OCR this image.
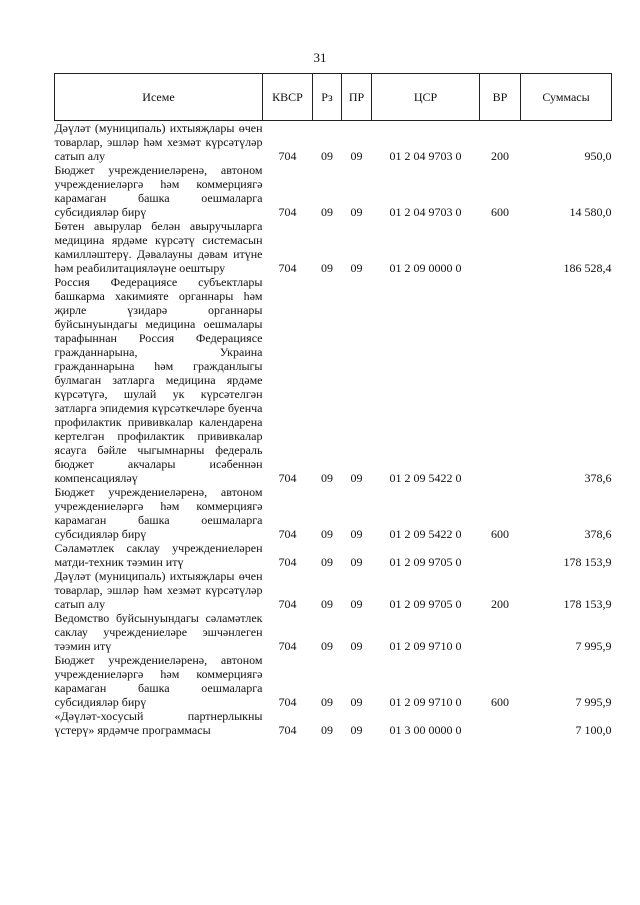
31
Исеме	КВСР	Рз	ПР	ЦСР	ВР	Суммасы
Дәүләт (муниципаль) ихтыяҗлары өчен товарлар, эшләр һәм хезмәт күрсәтүләр сатып алу	704	09	09	01 2 04 9703 0	200	950,0
Бюджет учреждениеләренә, автоном учреждениеләргә һәм коммерциягә карамаган башка оешмаларга субсидияләр бирү	704	09	09	01 2 04 9703 0	600	14 580,0
Бөтен авырулар белән авыручыларга медицина ярдәме күрсәтү системасын камилләштерү. Дәвалауны дәвам итүне һәм реабилитацияләүне оештыру	704	09	09	01 2 09 0000 0		186 528,4
Россия Федерациясе субъектлары башкарма хакимияте органнары һәм җирле үзидарә органнары буйсынуындагы медицина оешмалары тарафыннан Россия Федерациясе гражданнарына, Украина гражданнарына һәм гражданлыгы булмаган затларга медицина ярдәме күрсәтүгә, шулай ук күрсәтелгән затларга эпидемия күрсәткечләре буенча профилактик прививкалар календарена кертелгән профилактик прививкалар ясауга бәйле чыгымнарны федераль бюджет акчалары исәбеннән компенсацияләү	704	09	09	01 2 09 5422 0		378,6
Бюджет учреждениеләренә, автоном учреждениеләргә һәм коммерциягә карамаган башка оешмаларга субсидияләр бирү	704	09	09	01 2 09 5422 0	600	378,6
Сәламәтлек саклау учреждениеләрен матди-техник тәэмин итү	704	09	09	01 2 09 9705 0		178 153,9
Дәүләт (муниципаль) ихтыяҗлары өчен товарлар, эшләр һәм хезмәт күрсәтүләр сатып алу	704	09	09	01 2 09 9705 0	200	178 153,9
Ведомство буйсынуындагы сәламәтлек саклау учреждениеләре эшчәнлеген тәэмин итү	704	09	09	01 2 09 9710 0		7 995,9
Бюджет учреждениеләренә, автоном учреждениеләргә һәм коммерциягә карамаган башка оешмаларга субсидияләр бирү	704	09	09	01 2 09 9710 0	600	7 995,9
«Дәүләт-хосусый партнерлыкны үстерү» ярдәмче программасы	704	09	09	01 3 00 0000 0		7 100,0
